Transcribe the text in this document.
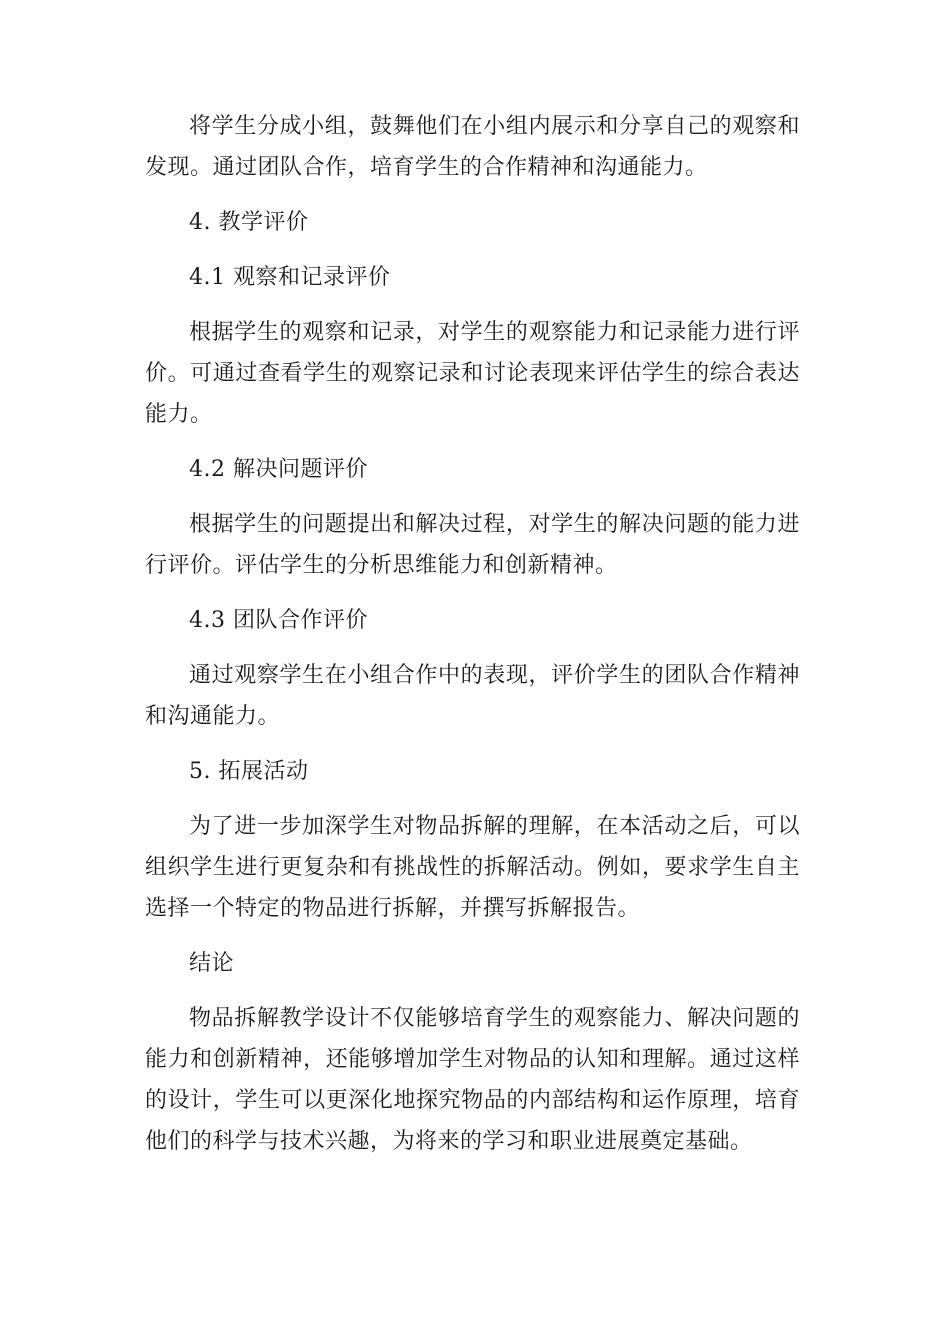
将学生分成小组，鼓舞他们在小组内展示和分享自己的观察和发现。通过团队合作，培育学生的合作精神和沟通能力。

4. 教学评价

4.1 观察和记录评价

根据学生的观察和记录，对学生的观察能力和记录能力进行评价。可通过查看学生的观察记录和讨论表现来评估学生的综合表达能力。

4.2 解决问题评价

根据学生的问题提出和解决过程，对学生的解决问题的能力进行评价。评估学生的分析思维能力和创新精神。

4.3 团队合作评价

通过观察学生在小组合作中的表现，评价学生的团队合作精神和沟通能力。

5. 拓展活动

为了进一步加深学生对物品拆解的理解，在本活动之后，可以组织学生进行更复杂和有挑战性的拆解活动。例如，要求学生自主选择一个特定的物品进行拆解，并撰写拆解报告。

结论

物品拆解教学设计不仅能够培育学生的观察能力、解决问题的能力和创新精神，还能够增加学生对物品的认知和理解。通过这样的设计，学生可以更深化地探究物品的内部结构和运作原理，培育他们的科学与技术兴趣，为将来的学习和职业进展奠定基础。
